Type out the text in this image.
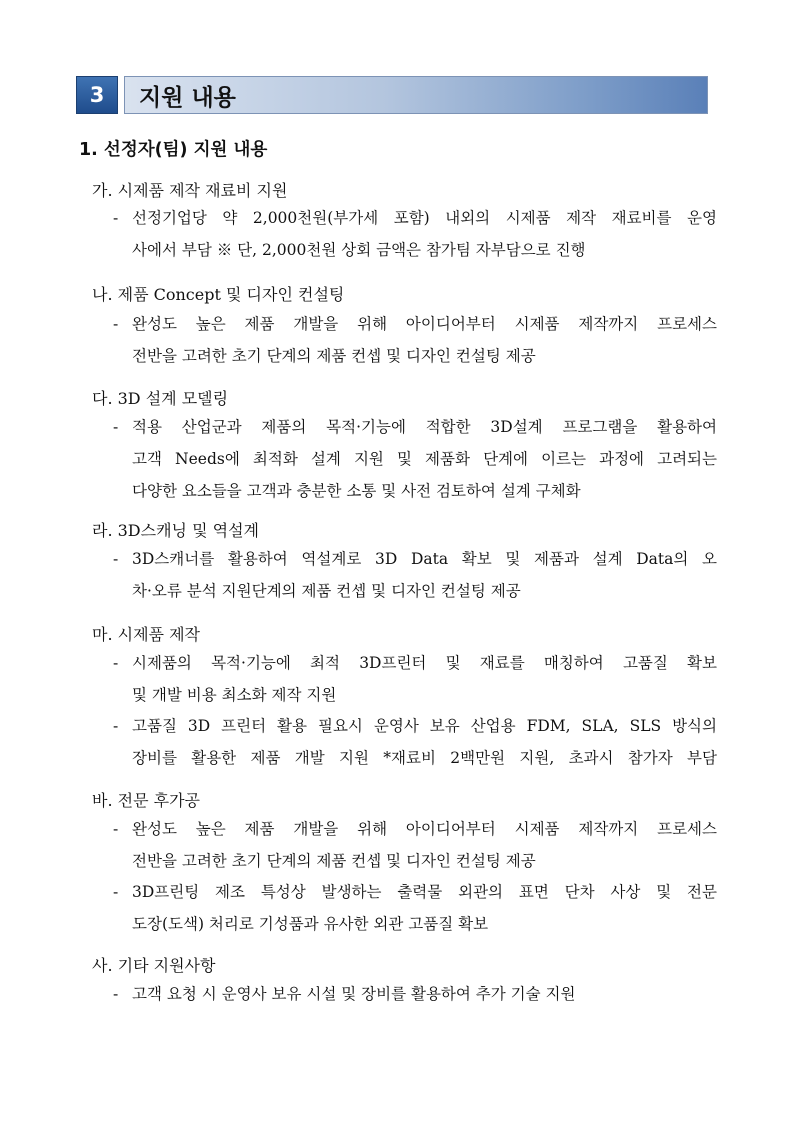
3	지원 내용
1. 선정자(팀) 지원 내용
가. 시제품 제작 재료비 지원
- 선정기업당 약 2,000천원(부가세 포함) 내외의 시제품 제작 재료비를 운영
사에서 부담 ※ 단, 2,000천원 상회 금액은 참가팀 자부담으로 진행
나. 제품 Concept 및 디자인 컨설팅
- 완성도 높은 제품 개발을 위해 아이디어부터 시제품 제작까지 프로세스
전반을 고려한 초기 단계의 제품 컨셉 및 디자인 컨설팅 제공
다. 3D 설계 모델링
- 적용 산업군과 제품의 목적·기능에 적합한 3D설계 프로그램을 활용하여
고객 Needs에 최적화 설계 지원 및 제품화 단계에 이르는 과정에 고려되는
다양한 요소들을 고객과 충분한 소통 및 사전 검토하여 설계 구체화
라. 3D스캐닝 및 역설계
- 3D스캐너를 활용하여 역설계로 3D Data 확보 및 제품과 설계 Data의 오
차·오류 분석 지원단계의 제품 컨셉 및 디자인 컨설팅 제공
마. 시제품 제작
- 시제품의 목적·기능에 최적 3D프린터 및 재료를 매칭하여 고품질 확보
및 개발 비용 최소화 제작 지원
- 고품질 3D 프린터 활용 필요시 운영사 보유 산업용 FDM, SLA, SLS 방식의
장비를 활용한 제품 개발 지원 *재료비 2백만원 지원, 초과시 참가자 부담
바. 전문 후가공
- 완성도 높은 제품 개발을 위해 아이디어부터 시제품 제작까지 프로세스
전반을 고려한 초기 단계의 제품 컨셉 및 디자인 컨설팅 제공
- 3D프린팅 제조 특성상 발생하는 출력물 외관의 표면 단차 사상 및 전문
도장(도색) 처리로 기성품과 유사한 외관 고품질 확보
사. 기타 지원사항
- 고객 요청 시 운영사 보유 시설 및 장비를 활용하여 추가 기술 지원
